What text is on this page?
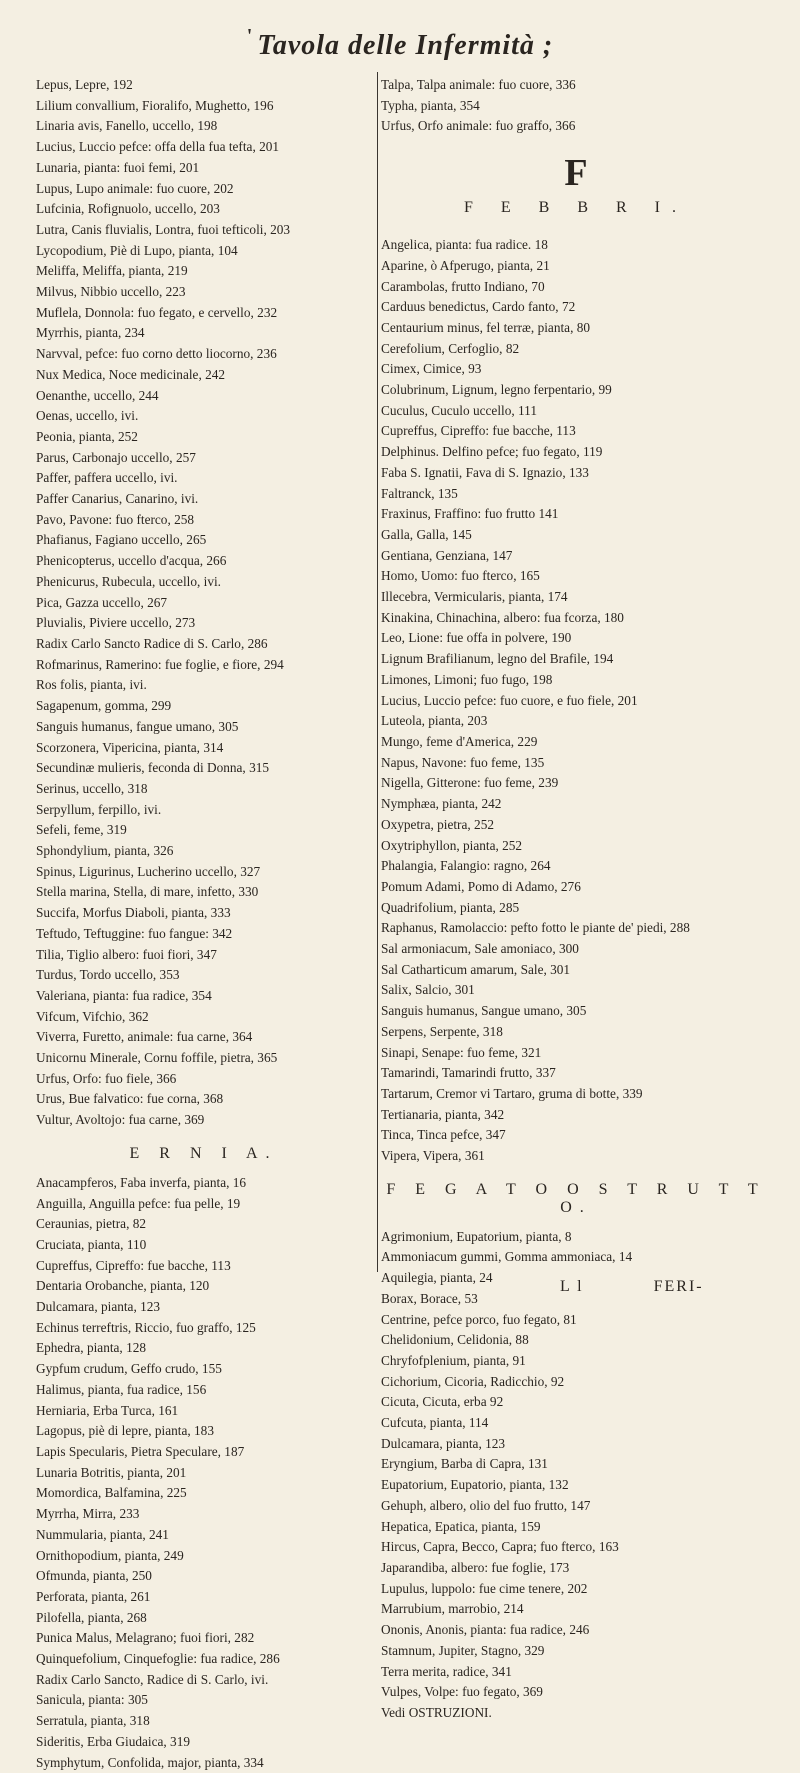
' Tavola delle Infermità ;
Lepus, Lepre, 192
Lilium convallium, Fioralifo, Mughetto, 196
Linaria avis, Fanello, uccello, 198
Lucius, Luccio pefce: offa della fua tefta, 201
Lunaria, pianta: fuoi femi, 201
Lupus, Lupo animale: fuo cuore, 202
Lufcinia, Rofignuolo, uccello, 203
Lutra, Canis fluvialis, Lontra, fuoi tefticoli, 203
Lycopodium, Piè di Lupo, pianta, 104
Meliffa, Meliffa, pianta, 219
Milvus, Nibbio uccello, 223
Muflela, Donnola: fuo fegato, e cervello, 232
Myrrhis, pianta, 234
Narvval, pefce: fuo corno detto liocorno, 236
Nux Medica, Noce medicinale, 242
Oenanthe, uccello, 244
Oenas, uccello, ivi.
Peonia, pianta, 252
Parus, Carbonajo uccello, 257
Paffer, paffera uccello, ivi.
Paffer Canarius, Canarino, ivi.
Pavo, Pavone: fuo fterco, 258
Phafianus, Fagiano uccello, 265
Phenicopterus, uccello d'acqua, 266
Phenicurus, Rubecula, uccello, ivi.
Pica, Gazza uccello, 267
Pluvialis, Piviere uccello, 273
Radix Carlo Sancto Radice di S. Carlo, 286
Rofmarinus, Ramerino: fue foglie, e fiore, 294
Ros folis, pianta, ivi.
Sagapenum, gomma, 299
Sanguis humanus, fangue umano, 305
Scorzonera, Vipericina, pianta, 314
Secundinæ mulieris, feconda di Donna, 315
Serinus, uccello, 318
Serpyllum, ferpillo, ivi.
Sefeli, feme, 319
Sphondylium, pianta, 326
Spinus, Ligurinus, Lucherino uccello, 327
Stella marina, Stella, di mare, infetto, 330
Succifa, Morfus Diaboli, pianta, 333
Teftudo, Teftuggine: fuo fangue: 342
Tilia, Tiglio albero: fuoi fiori, 347
Turdus, Tordo uccello, 353
Valeriana, pianta: fua radice, 354
Vifcum, Vifchio, 362
Viverra, Furetto, animale: fua carne, 364
Unicornu Minerale, Cornu foffile, pietra, 365
Urfus, Orfo: fuo fiele, 366
Urus, Bue falvatico: fue corna, 368
Vultur, Avoltojo: fua carne, 369
E R N I A.
Anacampferos, Faba inverfa, pianta, 16
Anguilla, Anguilla pefce: fua pelle, 19
Ceraunias, pietra, 82
Cruciata, pianta, 110
Cupreffus, Cipreffo: fue bacche, 113
Dentaria Orobanche, pianta, 120
Dulcamara, pianta, 123
Echinus terreftris, Riccio, fuo graffo, 125
Ephedra, pianta, 128
Gypfum crudum, Geffo crudo, 155
Halimus, pianta, fua radice, 156
Herniaria, Erba Turca, 161
Lagopus, piè di lepre, pianta, 183
Lapis Specularis, Pietra Speculare, 187
Lunaria Botritis, pianta, 201
Momordica, Balfamina, 225
Myrrha, Mirra, 233
Nummularia, pianta, 241
Ornithopodium, pianta, 249
Ofmunda, pianta, 250
Perforata, pianta, 261
Pilofella, pianta, 268
Punica Malus, Melagrano; fuoi fiori, 282
Quinquefolium, Cinquefoglie: fua radice, 286
Radix Carlo Sancto, Radice di S. Carlo, ivi.
Sanicula, pianta: 305
Serratula, pianta, 318
Sideritis, Erba Giudaica, 319
Symphytum, Confolida, major, pianta, 334
Talpa, Talpa animale: fuo cuore, 336
Typha, pianta, 354
Urfus, Orfo animale: fuo graffo, 366
F
F E B B R I.
Angelica, pianta: fua radice. 18
Aparine, ò Afperugo, pianta, 21
Carambolas, frutto Indiano, 70
Carduus benedictus, Cardo fanto, 72
Centaurium minus, fel terræ, pianta, 80
Cerefolium, Cerfoglio, 82
Cimex, Cimice, 93
Colubrinum, Lignum, legno ferpentario, 99
Cuculus, Cuculo uccello, 111
Cupreffus, Cipreffo: fue bacche, 113
Delphinus. Delfino pefce; fuo fegato, 119
Faba S. Ignatii, Fava di S. Ignazio, 133
Faltranck, 135
Fraxinus, Fraffino: fuo frutto 141
Galla, Galla, 145
Gentiana, Genziana, 147
Homo, Uomo: fuo fterco, 165
Illecebra, Vermicularis, pianta, 174
Kinakina, Chinachina, albero: fua fcorza, 180
Leo, Lione: fue offa in polvere, 190
Lignum Brafilianum, legno del Brafile, 194
Limones, Limoni; fuo fugo, 198
Lucius, Luccio pefce: fuo cuore, e fuo fiele, 201
Luteola, pianta, 203
Mungo, feme d'America, 229
Napus, Navone: fuo feme, 135
Nigella, Gitterone: fuo feme, 239
Nymphæa, pianta, 242
Oxypetra, pietra, 252
Oxytriphyllon, pianta, 252
Phalangia, Falangio: ragno, 264
Pomum Adami, Pomo di Adamo, 276
Quadrifolium, pianta, 285
Raphanus, Ramolaccio: pefto fotto le piante de' piedi, 288
Sal armoniacum, Sale amoniaco, 300
Sal Catharticum amarum, Sale, 301
Salix, Salcio, 301
Sanguis humanus, Sangue umano, 305
Serpens, Serpente, 318
Sinapi, Senape: fuo feme, 321
Tamarindi, Tamarindi frutto, 337
Tartarum, Cremor vi Tartaro, gruma di botte, 339
Tertianaria, pianta, 342
Tinca, Tinca pefce, 347
Vipera, Vipera, 361
F E G A T O O S T R U T T O.
Agrimonium, Eupatorium, pianta, 8
Ammoniacum gummi, Gomma ammoniaca, 14
Aquilegia, pianta, 24
Borax, Borace, 53
Centrine, pefce porco, fuo fegato, 81
Chelidonium, Celidonia, 88
Chryfofplenium, pianta, 91
Cichorium, Cicoria, Radicchio, 92
Cicuta, Cicuta, erba 92
Cufcuta, pianta, 114
Dulcamara, pianta, 123
Eryngium, Barba di Capra, 131
Eupatorium, Eupatorio, pianta, 132
Gehuph, albero, olio del fuo frutto, 147
Hepatica, Epatica, pianta, 159
Hircus, Capra, Becco, Capra; fuo fterco, 163
Japarandiba, albero: fue foglie, 173
Lupulus, luppolo: fue cime tenere, 202
Marrubium, marrobio, 214
Ononis, Anonis, pianta: fua radice, 246
Stamnum, Jupiter, Stagno, 329
Terra merita, radice, 341
Vulpes, Volpe: fuo fegato, 369
Vedi OSTRUZIONI.
L l	FERI-
